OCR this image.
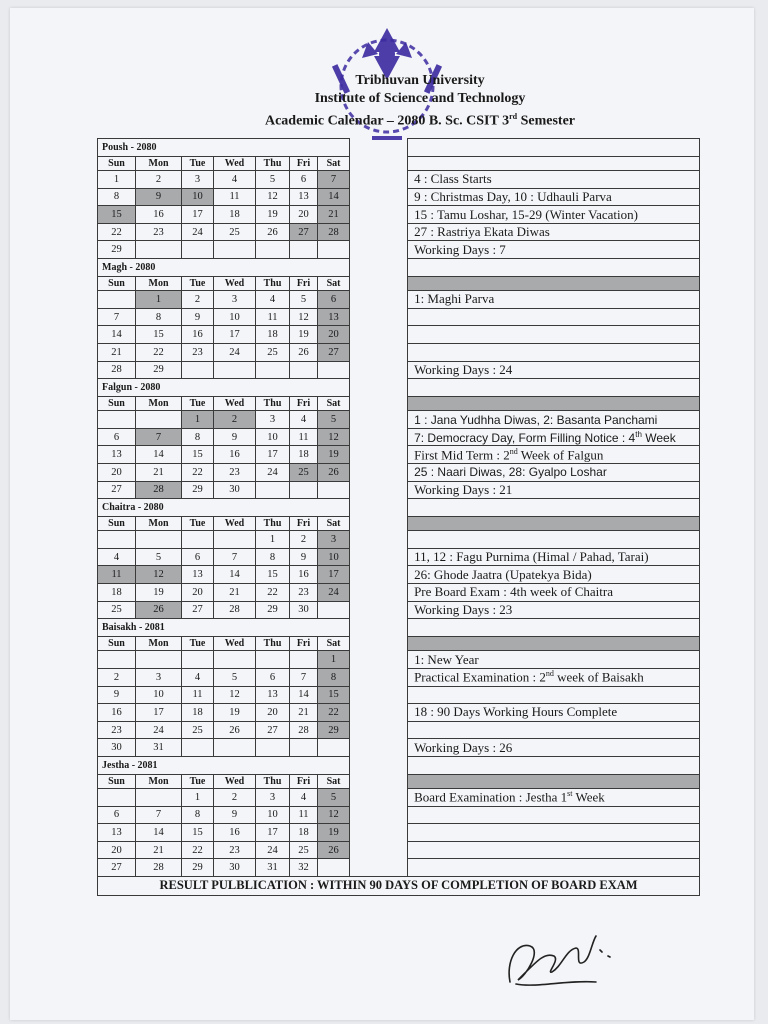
Tribhuvan University
Institute of Science and Technology
Academic Calendar – 2080 B. Sc. CSIT 3rd Semester
Poush - 2080								
Sun	Mon	Tue	Wed	Thu	Fri	Sat		
1	2	3	4	5	6	7		4 : Class Starts
8	9	10	11	12	13	14		9 : Christmas Day, 10 : Udhauli Parva
15	16	17	18	19	20	21		15 : Tamu Loshar, 15-29 (Winter Vacation)
22	23	24	25	26	27	28		27 : Rastriya Ekata Diwas
29								Working Days : 7
Magh - 2080								
Sun	Mon	Tue	Wed	Thu	Fri	Sat		
	1	2	3	4	5	6		1: Maghi Parva
7	8	9	10	11	12	13		
14	15	16	17	18	19	20		
21	22	23	24	25	26	27		
28	29							Working Days : 24
Falgun - 2080								
Sun	Mon	Tue	Wed	Thu	Fri	Sat		
		1	2	3	4	5		1 : Jana Yudhha Diwas, 2: Basanta Panchami
6	7	8	9	10	11	12		7: Democracy Day, Form Filling Notice : 4th Week
13	14	15	16	17	18	19		First Mid Term : 2nd Week of Falgun
20	21	22	23	24	25	26		25 : Naari Diwas, 28: Gyalpo Loshar
27	28	29	30					Working Days : 21
Chaitra - 2080								
Sun	Mon	Tue	Wed	Thu	Fri	Sat		
				1	2	3		
4	5	6	7	8	9	10		11, 12 : Fagu Purnima (Himal / Pahad, Tarai)
11	12	13	14	15	16	17		26: Ghode Jaatra (Upatekya Bida)
18	19	20	21	22	23	24		Pre Board Exam : 4th week of Chaitra
25	26	27	28	29	30			Working Days : 23
Baisakh - 2081								
Sun	Mon	Tue	Wed	Thu	Fri	Sat		
						1		1: New Year
2	3	4	5	6	7	8		Practical Examination : 2nd week of Baisakh
9	10	11	12	13	14	15		
16	17	18	19	20	21	22		18 : 90 Days Working Hours Complete
23	24	25	26	27	28	29		
30	31							Working Days : 26
Jestha - 2081								
Sun	Mon	Tue	Wed	Thu	Fri	Sat		
		1	2	3	4	5		Board Examination : Jestha 1st Week
6	7	8	9	10	11	12		
13	14	15	16	17	18	19		
20	21	22	23	24	25	26		
27	28	29	30	31	32			
RESULT PULBLICATION : WITHIN 90 DAYS OF COMPLETION OF BOARD EXAM								
